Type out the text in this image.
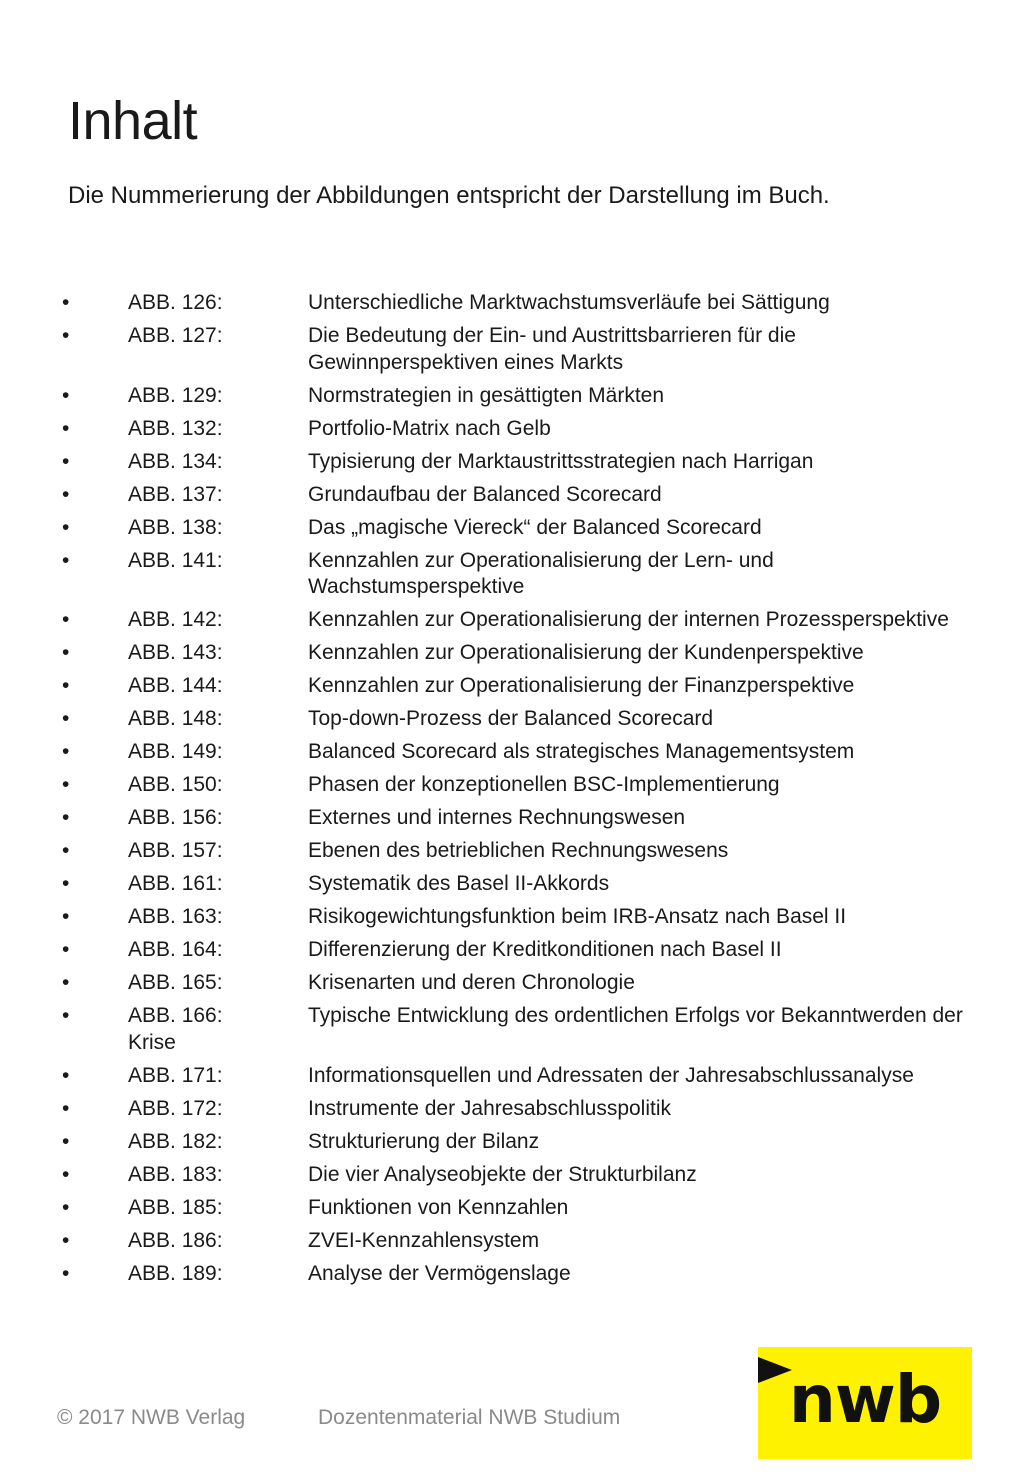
Inhalt

Die Nummerierung der Abbildungen entspricht der Darstellung im Buch.

•	ABB. 126:	Unterschiedliche Marktwachstumsverläufe bei Sättigung
•	ABB. 127:	Die Bedeutung der Ein- und Austrittsbarrieren für die Gewinnperspektiven eines Markts
•	ABB. 129:	Normstrategien in gesättigten Märkten
•	ABB. 132:	Portfolio-Matrix nach Gelb
•	ABB. 134:	Typisierung der Marktaustrittsstrategien nach Harrigan
•	ABB. 137:	Grundaufbau der Balanced Scorecard
•	ABB. 138:	Das „magische Viereck“ der Balanced Scorecard
•	ABB. 141:	Kennzahlen zur Operationalisierung der Lern- und Wachstumsperspektive
•	ABB. 142:	Kennzahlen zur Operationalisierung der internen Prozessperspektive
•	ABB. 143:	Kennzahlen zur Operationalisierung der Kundenperspektive
•	ABB. 144:	Kennzahlen zur Operationalisierung der Finanzperspektive
•	ABB. 148:	Top-down-Prozess der Balanced Scorecard
•	ABB. 149:	Balanced Scorecard als strategisches Managementsystem
•	ABB. 150:	Phasen der konzeptionellen BSC-Implementierung
•	ABB. 156:	Externes und internes Rechnungswesen
•	ABB. 157:	Ebenen des betrieblichen Rechnungswesens
•	ABB. 161:	Systematik des Basel II-Akkords
•	ABB. 163:	Risikogewichtungsfunktion beim IRB-Ansatz nach Basel II
•	ABB. 164:	Differenzierung der Kreditkonditionen nach Basel II
•	ABB. 165:	Krisenarten und deren Chronologie
•	ABB. 166:	Typische Entwicklung des ordentlichen Erfolgs vor Bekanntwerden der Krise
•	ABB. 171:	Informationsquellen und Adressaten der Jahresabschlussanalyse
•	ABB. 172:	Instrumente der Jahresabschlusspolitik
•	ABB. 182:	Strukturierung der Bilanz
•	ABB. 183:	Die vier Analyseobjekte der Strukturbilanz
•	ABB. 185:	Funktionen von Kennzahlen
•	ABB. 186:	ZVEI-Kennzahlensystem
•	ABB. 189:	Analyse der Vermögenslage
© 2017 NWB Verlag	Dozentenmaterial NWB Studium	nwb
